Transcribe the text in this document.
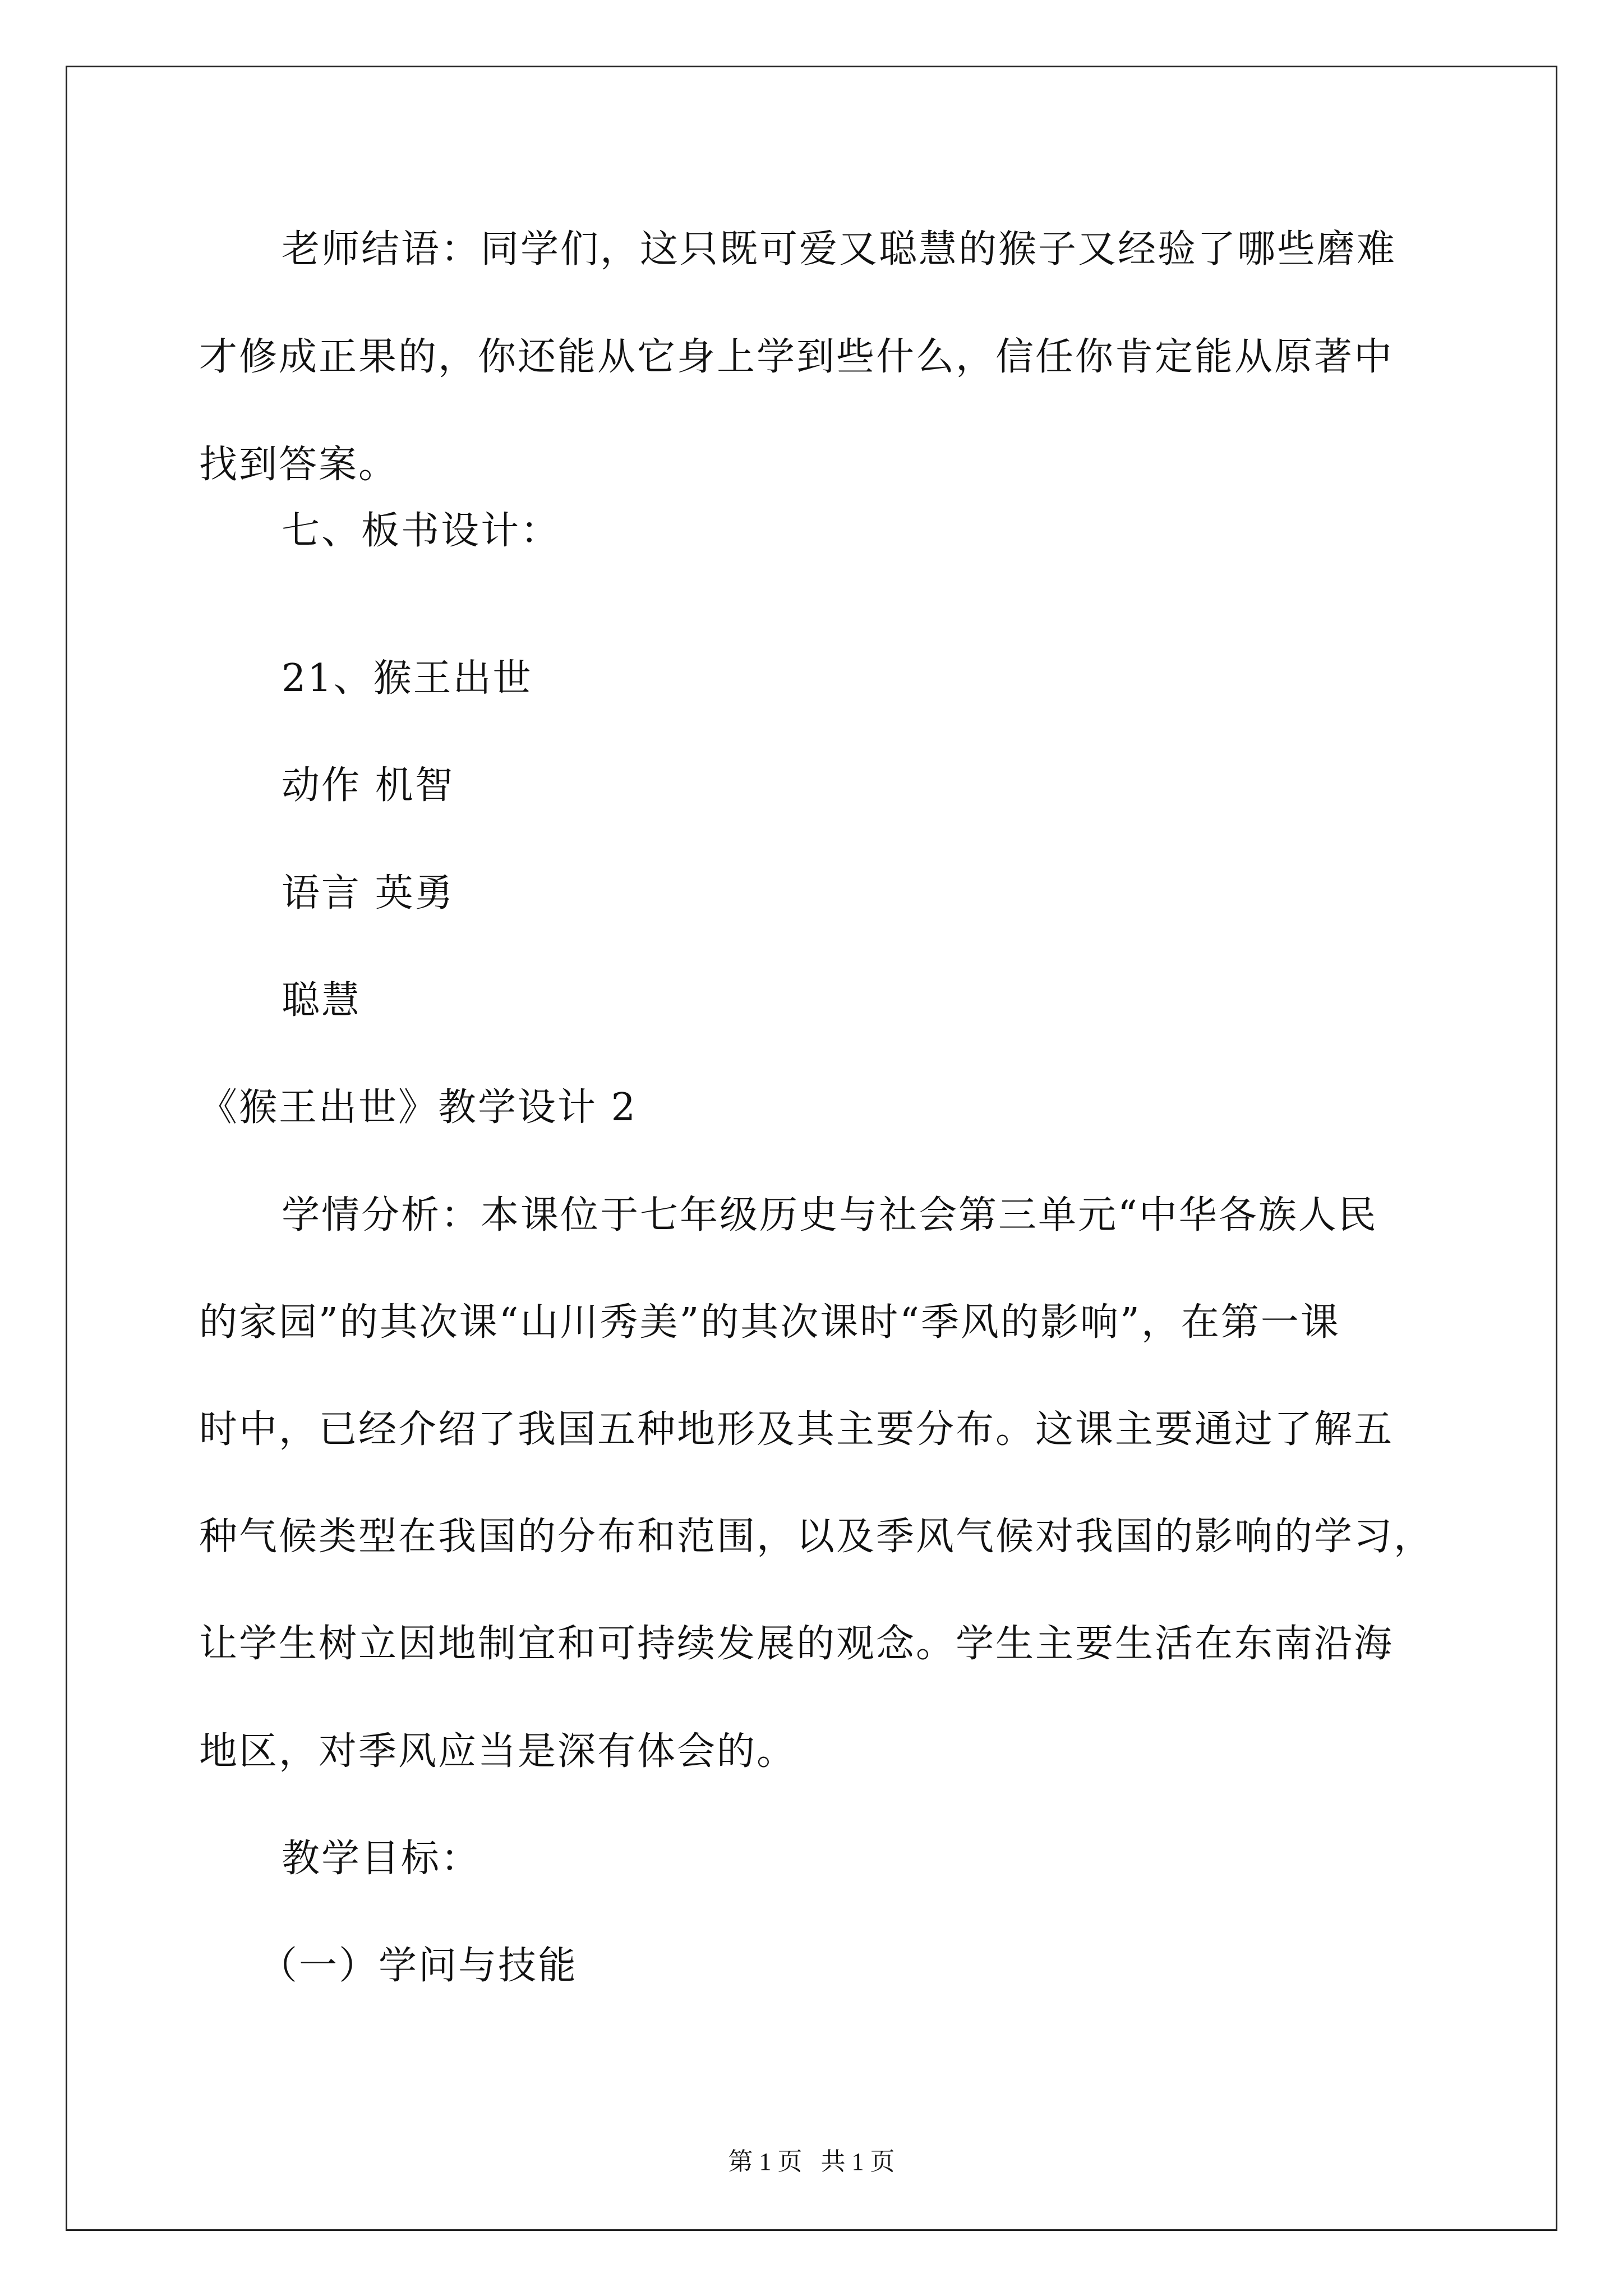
老师结语：同学们，这只既可爱又聪慧的猴子又经验了哪些磨难

才修成正果的，你还能从它身上学到些什么，信任你肯定能从原著中

找到答案。

七、板书设计：

21、猴王出世

动作 机智

语言 英勇

聪慧

《猴王出世》教学设计 2

学情分析：本课位于七年级历史与社会第三单元“中华各族人民

的家园”的其次课“山川秀美”的其次课时“季风的影响”，在第一课

时中，已经介绍了我国五种地形及其主要分布。这课主要通过了解五

种气候类型在我国的分布和范围，以及季风气候对我国的影响的学习，

让学生树立因地制宜和可持续发展的观念。学生主要生活在东南沿海

地区，对季风应当是深有体会的。

教学目标：

（一）学问与技能

第 1 页   共 1 页
